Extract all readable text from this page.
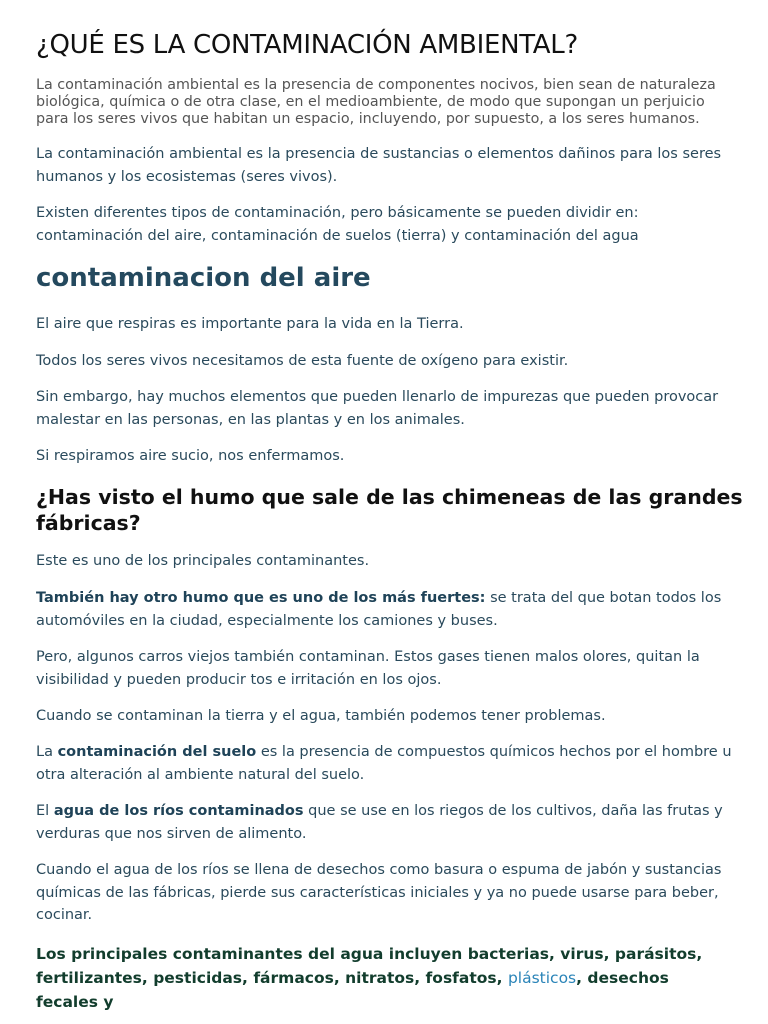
¿QUÉ ES LA CONTAMINACIÓN AMBIENTAL?

La contaminación ambiental es la presencia de componentes nocivos, bien sean de naturaleza biológica, química o de otra clase, en el medioambiente, de modo que supongan un perjuicio para los seres vivos que habitan un espacio, incluyendo, por supuesto, a los seres humanos.

La contaminación ambiental es la presencia de sustancias o elementos dañinos para los seres humanos y los ecosistemas (seres vivos).

Existen diferentes tipos de contaminación, pero básicamente se pueden dividir en: contaminación del aire, contaminación de suelos (tierra) y contaminación del agua

contaminacion del aire

El aire que respiras es importante para la vida en la Tierra.

Todos los seres vivos necesitamos de esta fuente de oxígeno para existir.

Sin embargo, hay muchos elementos que pueden llenarlo de impurezas que pueden provocar malestar en las personas, en las plantas y en los animales.

Si respiramos aire sucio, nos enfermamos.

¿Has visto el humo que sale de las chimeneas de las grandes fábricas?

Este es uno de los principales contaminantes.

También hay otro humo que es uno de los más fuertes: se trata del que botan todos los automóviles en la ciudad, especialmente los camiones y buses.

Pero, algunos carros viejos también contaminan. Estos gases tienen malos olores, quitan la visibilidad y pueden producir tos e irritación en los ojos.

Cuando se contaminan la tierra y el agua, también podemos tener problemas.

La contaminación del suelo es la presencia de compuestos químicos hechos por el hombre u otra alteración al ambiente natural del suelo.

El agua de los ríos contaminados que se use en los riegos de los cultivos, daña las frutas y verduras que nos sirven de alimento.

Cuando el agua de los ríos se llena de desechos como basura o espuma de jabón y sustancias químicas de las fábricas, pierde sus características iniciales y ya no puede usarse para beber, cocinar.

Los principales contaminantes del agua incluyen bacterias, virus, parásitos, fertilizantes, pesticidas, fármacos, nitratos, fosfatos, plásticos, desechos fecales y
